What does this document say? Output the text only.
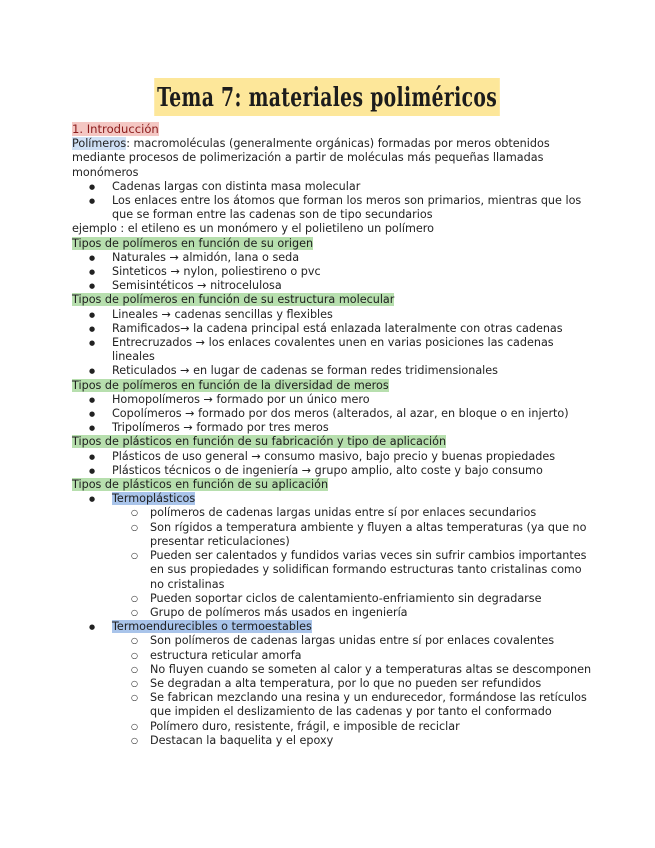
Tema 7: materiales poliméricos
1. Introducción
Polímeros: macromoléculas (generalmente orgánicas) formadas por meros obtenidos mediante procesos de polimerización a partir de moléculas más pequeñas llamadas monómeros
● Cadenas largas con distinta masa molecular
● Los enlaces entre los átomos que forman los meros son primarios, mientras que los que se forman entre las cadenas son de tipo secundarios
ejemplo : el etileno es un monómero y el polietileno un polímero
Tipos de polímeros en función de su origen
● Naturales → almidón, lana o seda
● Sinteticos → nylon, poliestireno o pvc
● Semisintéticos → nitrocelulosa
Tipos de polímeros en función de su estructura molecular
● Lineales → cadenas sencillas y flexibles
● Ramificados→ la cadena principal está enlazada lateralmente con otras cadenas
● Entrecruzados → los enlaces covalentes unen en varias posiciones las cadenas lineales
● Reticulados → en lugar de cadenas se forman redes tridimensionales
Tipos de polímeros en función de la diversidad de meros
● Homopolímeros → formado por un único mero
● Copolímeros → formado por dos meros (alterados, al azar, en bloque o en injerto)
● Tripolímeros → formado por tres meros
Tipos de plásticos en función de su fabricación y tipo de aplicación
● Plásticos de uso general → consumo masivo, bajo precio y buenas propiedades
● Plásticos técnicos o de ingeniería → grupo amplio, alto coste y bajo consumo
Tipos de plásticos en función de su aplicación
● Termoplásticos
○ polímeros de cadenas largas unidas entre sí por enlaces secundarios
○ Son rígidos a temperatura ambiente y fluyen a altas temperaturas (ya que no presentar reticulaciones)
○ Pueden ser calentados y fundidos varias veces sin sufrir cambios importantes en sus propiedades y solidifican formando estructuras tanto cristalinas como no cristalinas
○ Pueden soportar ciclos de calentamiento-enfriamiento sin degradarse
○ Grupo de polímeros más usados en ingeniería
● Termoendurecibles o termoestables
○ Son polímeros de cadenas largas unidas entre sí por enlaces covalentes
○ estructura reticular amorfa
○ No fluyen cuando se someten al calor y a temperaturas altas se descomponen
○ Se degradan a alta temperatura, por lo que no pueden ser refundidos
○ Se fabrican mezclando una resina y un endurecedor, formándose las retículos que impiden el deslizamiento de las cadenas y por tanto el conformado
○ Polímero duro, resistente, frágil, e imposible de reciclar
○ Destacan la baquelita y el epoxy
